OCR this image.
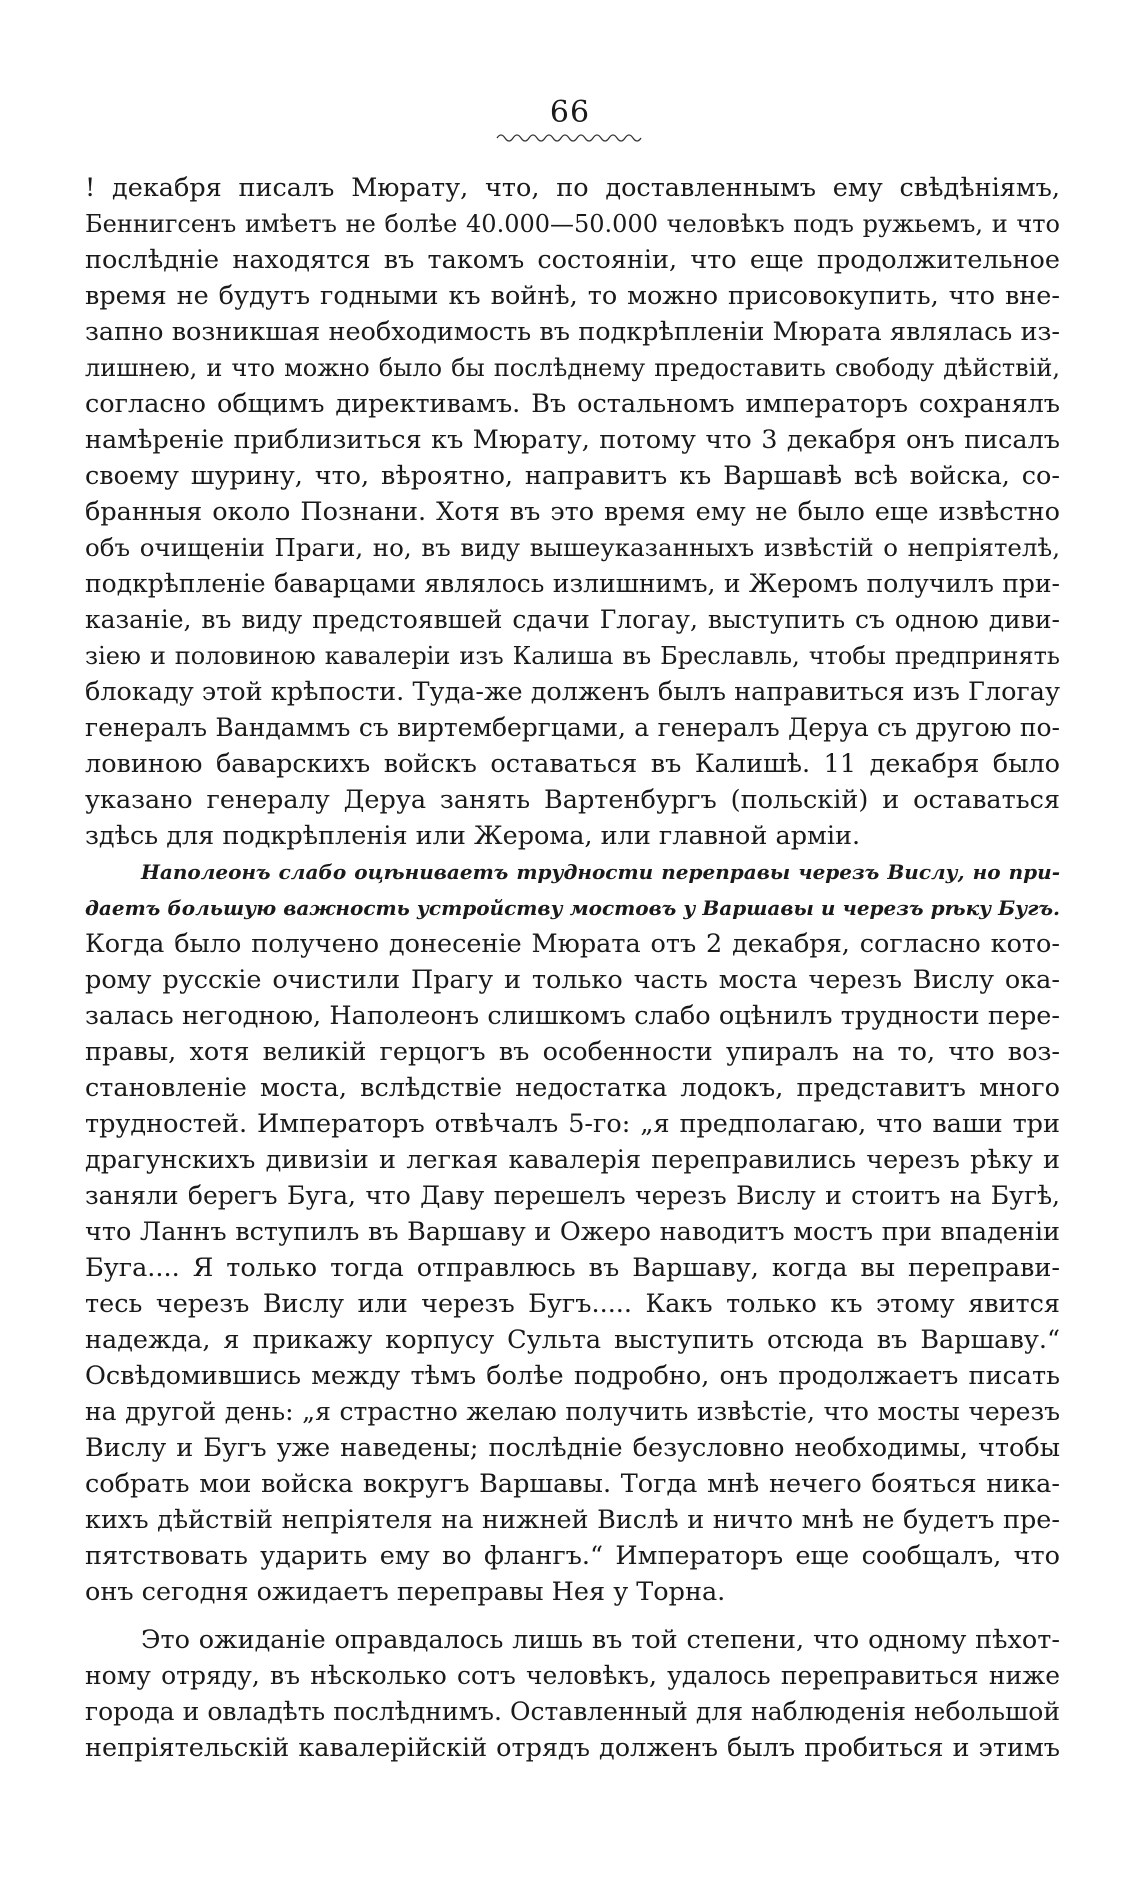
66
! декабря писалъ Мюрату, что, по доставленнымъ ему свѣдѣніямъ,
Беннигсенъ имѣетъ не болѣе 40.000—50.000 человѣкъ подъ ружьемъ, и что
послѣдніе находятся въ такомъ состояніи, что еще продолжительное
время не будутъ годными къ войнѣ, то можно присовокупить, что вне-
запно возникшая необходимость въ подкрѣпленіи Мюрата являлась из-
лишнею, и что можно было бы послѣднему предоставить свободу дѣйствій,
согласно общимъ директивамъ. Въ остальномъ императоръ сохранялъ
намѣреніе приблизиться къ Мюрату, потому что 3 декабря онъ писалъ
своему шурину, что, вѣроятно, направитъ къ Варшавѣ всѣ войска, со-
бранныя около Познани. Хотя въ это время ему не было еще извѣстно
объ очищеніи Праги, но, въ виду вышеуказанныхъ извѣстій о непріятелѣ,
подкрѣпленіе баварцами являлось излишнимъ, и Жеромъ получилъ при-
казаніе, въ виду предстоявшей сдачи Глогау, выступить съ одною диви-
зіею и половиною кавалеріи изъ Калиша въ Бреславль, чтобы предпринять
блокаду этой крѣпости. Туда-же долженъ былъ направиться изъ Глогау
генералъ Вандаммъ съ виртембергцами, а генералъ Деруа съ другою по-
ловиною баварскихъ войскъ оставаться въ Калишѣ. 11 декабря было
указано генералу Деруа занять Вартенбургъ (польскій) и оставаться
здѣсь для подкрѣпленія или Жерома, или главной арміи.
Наполеонъ слабо оцѣниваетъ трудности переправы черезъ Вислу, но при-
даетъ большую важность устройству мостовъ у Варшавы и черезъ рѣку Бугъ.
Когда было получено донесеніе Мюрата отъ 2 декабря, согласно кото-
рому русскіе очистили Прагу и только часть моста черезъ Вислу ока-
залась негодною, Наполеонъ слишкомъ слабо оцѣнилъ трудности пере-
правы, хотя великій герцогъ въ особенности упиралъ на то, что воз-
становленіе моста, вслѣдствіе недостатка лодокъ, представитъ много
трудностей. Императоръ отвѣчалъ 5-го: „я предполагаю, что ваши три
драгунскихъ дивизіи и легкая кавалерія переправились черезъ рѣку и
заняли берегъ Буга, что Даву перешелъ черезъ Вислу и стоитъ на Бугѣ,
что Ланнъ вступилъ въ Варшаву и Ожеро наводитъ мостъ при впаденіи
Буга.... Я только тогда отправлюсь въ Варшаву, когда вы переправи-
тесь черезъ Вислу или черезъ Бугъ..... Какъ только къ этому явится
надежда, я прикажу корпусу Сульта выступить отсюда въ Варшаву.“
Освѣдомившись между тѣмъ болѣе подробно, онъ продолжаетъ писать
на другой день: „я страстно желаю получить извѣстіе, что мосты черезъ
Вислу и Бугъ уже наведены; послѣдніе безусловно необходимы, чтобы
собрать мои войска вокругъ Варшавы. Тогда мнѣ нечего бояться никa-
кихъ дѣйствій непріятеля на нижней Вислѣ и ничто мнѣ не будетъ пре-
пятствовать ударить ему во флангъ.“ Императоръ еще сообщалъ, что
онъ сегодня ожидаетъ переправы Нея у Торна.
Это ожиданіе оправдалось лишь въ той степени, что одному пѣхот-
ному отряду, въ нѣсколько сотъ человѣкъ, удалось переправиться ниже
города и овладѣть послѣднимъ. Оставленный для наблюденія небольшой
непріятельскій кавалерійскій отрядъ долженъ былъ пробиться и этимъ
